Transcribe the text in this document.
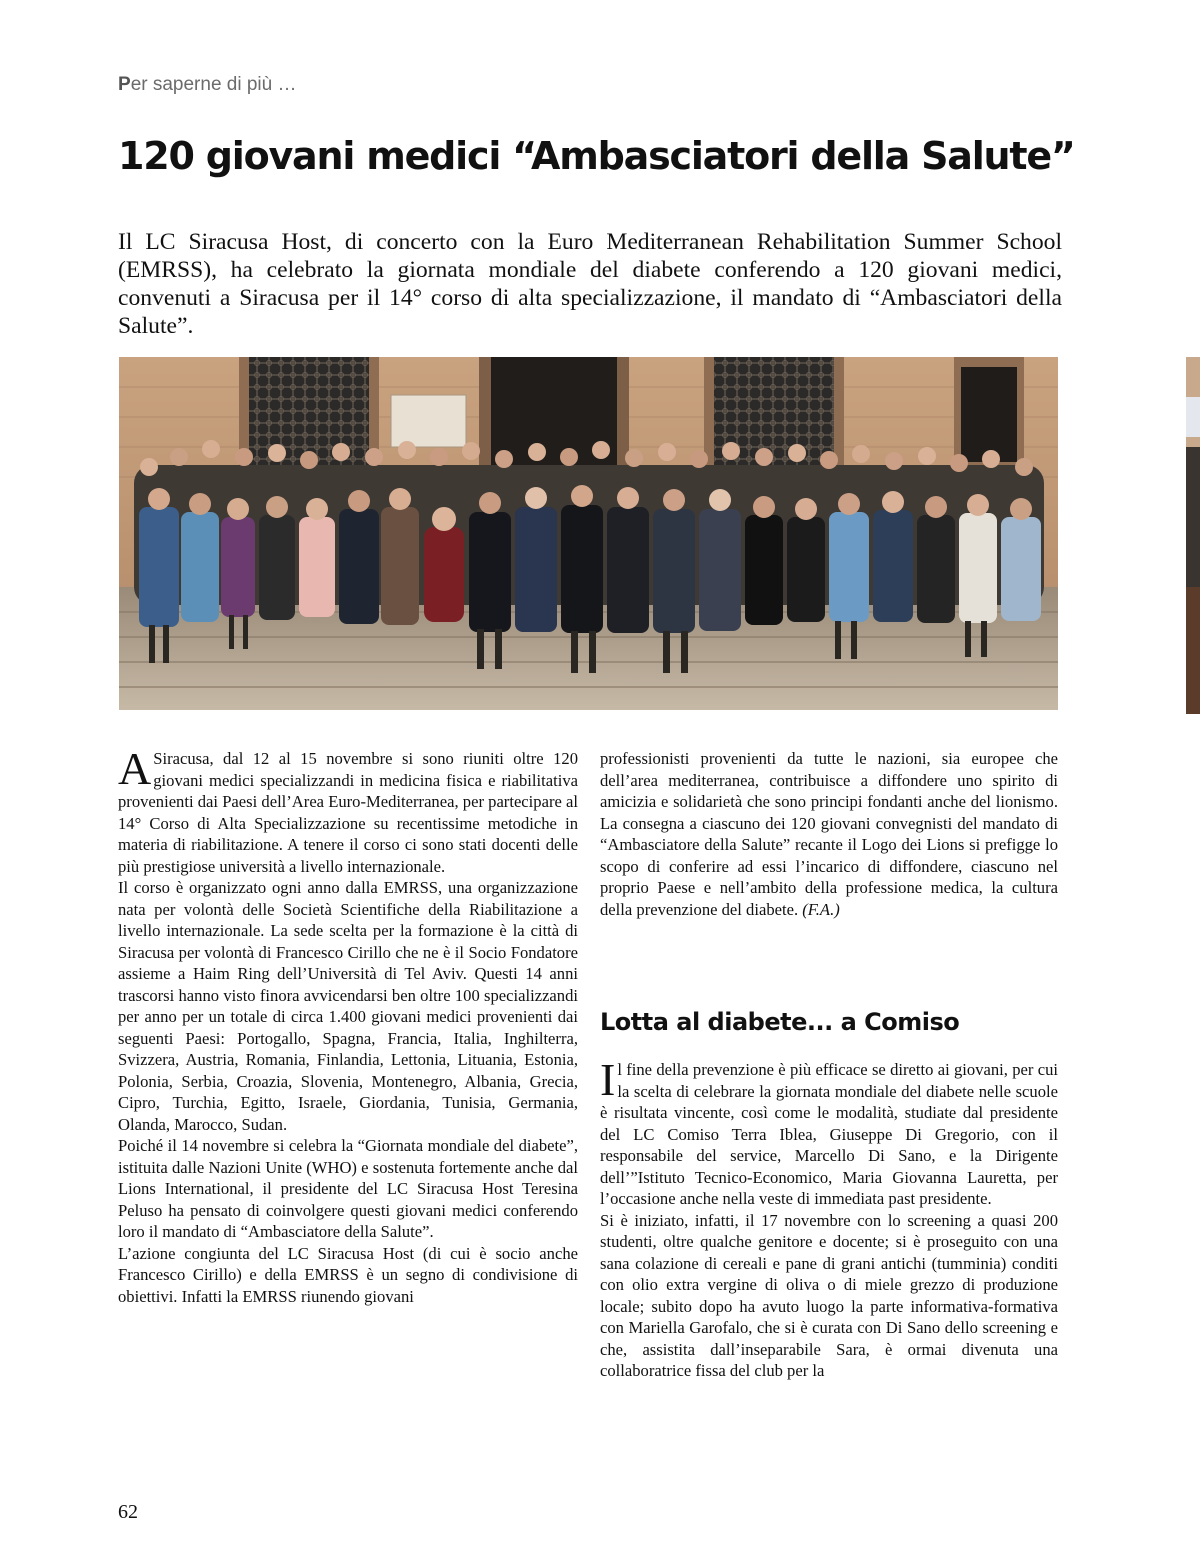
Per saperne di più …
120 giovani medici “Ambasciatori della Salute”

Il LC Siracusa Host, di concerto con la Euro Mediterranean Rehabilitation Summer School (EMRSS), ha celebrato la giornata mondiale del diabete conferendo a 120 giovani medici, convenuti a Siracusa per il 14° corso di alta specializzazione, il mandato di “Ambasciatori della Salute”.

A Siracusa, dal 12 al 15 novembre si sono riuniti oltre 120 giovani medici specializzandi in medicina fisica e riabilitativa provenienti dai Paesi dell’Area Euro-Mediterranea, per partecipare al 14° Corso di Alta Specializzazione su recentissime metodiche in materia di riabilitazione. A tenere il corso ci sono stati docenti delle più prestigiose università a livello internazionale.

Il corso è organizzato ogni anno dalla EMRSS, una organizzazione nata per volontà delle Società Scientifiche della Riabilitazione a livello internazionale. La sede scelta per la formazione è la città di Siracusa per volontà di Francesco Cirillo che ne è il Socio Fondatore assieme a Haim Ring dell’Università di Tel Aviv. Questi 14 anni trascorsi hanno visto finora avvicendarsi ben oltre 100 specializzandi per anno per un totale di circa 1.400 giovani medici provenienti dai seguenti Paesi: Portogallo, Spagna, Francia, Italia, Inghilterra, Svizzera, Austria, Romania, Finlandia, Lettonia, Lituania, Estonia, Polonia, Serbia, Croazia, Slovenia, Montenegro, Albania, Grecia, Cipro, Turchia, Egitto, Israele, Giordania, Tunisia, Germania, Olanda, Marocco, Sudan.

Poiché il 14 novembre si celebra la “Giornata mondiale del diabete”, istituita dalle Nazioni Unite (WHO) e sostenuta fortemente anche dal Lions International, il presidente del LC Siracusa Host Teresina Peluso ha pensato di coinvolgere questi giovani medici conferendo loro il mandato di “Ambasciatore della Salute”.

L’azione congiunta del LC Siracusa Host (di cui è socio anche Francesco Cirillo) e della EMRSS è un segno di condivisione di obiettivi. Infatti la EMRSS riunendo giovani

professionisti provenienti da tutte le nazioni, sia europee che dell’area mediterranea, contribuisce a diffondere uno spirito di amicizia e solidarietà che sono principi fondanti anche del lionismo. La consegna a ciascuno dei 120 giovani convegnisti del mandato di “Ambasciatore della Salute” recante il Logo dei Lions si prefigge lo scopo di conferire ad essi l’incarico di diffondere, ciascuno nel proprio Paese e nell’ambito della professione medica, la cultura della prevenzione del diabete. (F.A.)

Lotta al diabete... a Comiso

Il fine della prevenzione è più efficace se diretto ai giovani, per cui la scelta di celebrare la giornata mondiale del diabete nelle scuole è risultata vincente, così come le modalità, studiate dal presidente del LC Comiso Terra Iblea, Giuseppe Di Gregorio, con il responsabile del service, Marcello Di Sano, e la Dirigente dell’”Istituto Tecnico-Economico, Maria Giovanna Lauretta, per l’occasione anche nella veste di immediata past presidente.

Si è iniziato, infatti, il 17 novembre con lo screening a quasi 200 studenti, oltre qualche genitore e docente; si è proseguito con una sana colazione di cereali e pane di grani antichi (tumminia) conditi con olio extra vergine di oliva o di miele grezzo di produzione locale; subito dopo ha avuto luogo la parte informativa-formativa con Mariella Garofalo, che si è curata con Di Sano dello screening e che, assistita dall’inseparabile Sara, è ormai divenuta una collaboratrice fissa del club per la

62
